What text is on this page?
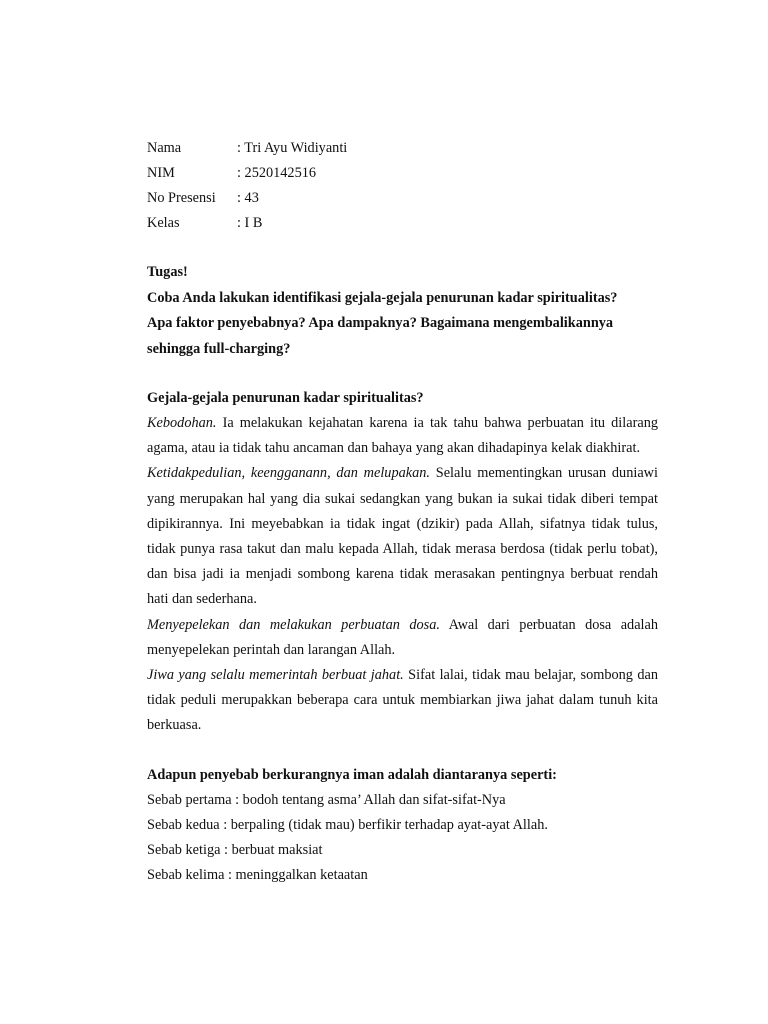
Nama	: Tri Ayu Widiyanti
NIM	: 2520142516
No Presensi	: 43
Kelas	: I B

Tugas!

Coba Anda lakukan identifikasi gejala-gejala penurunan kadar spiritualitas?

Apa faktor penyebabnya? Apa dampaknya? Bagaimana mengembalikannya

sehingga full-charging?

Gejala-gejala penurunan kadar spiritualitas?

Kebodohan. Ia melakukan kejahatan karena ia tak tahu bahwa perbuatan itu dilarang agama, atau ia tidak tahu ancaman dan bahaya yang akan dihadapinya kelak diakhirat.

Ketidakpedulian, keengganann, dan melupakan. Selalu mementingkan urusan duniawi yang merupakan hal yang dia sukai sedangkan yang bukan ia sukai tidak diberi tempat dipikirannya. Ini meyebabkan ia tidak ingat (dzikir) pada Allah, sifatnya tidak tulus, tidak punya rasa takut dan malu kepada Allah, tidak merasa berdosa (tidak perlu tobat), dan bisa jadi ia menjadi sombong karena tidak merasakan pentingnya berbuat rendah hati dan sederhana.

Menyepelekan dan melakukan perbuatan dosa. Awal dari perbuatan dosa adalah menyepelekan perintah dan larangan Allah.

Jiwa yang selalu memerintah berbuat jahat. Sifat lalai, tidak mau belajar, sombong dan tidak peduli merupakkan beberapa cara untuk membiarkan jiwa jahat dalam tunuh kita berkuasa.

Adapun penyebab berkurangnya iman adalah diantaranya seperti:

Sebab pertama : bodoh tentang asma’ Allah dan sifat-sifat-Nya

Sebab kedua : berpaling (tidak mau) berfikir terhadap ayat-ayat Allah.

Sebab ketiga : berbuat maksiat

Sebab kelima : meninggalkan ketaatan
